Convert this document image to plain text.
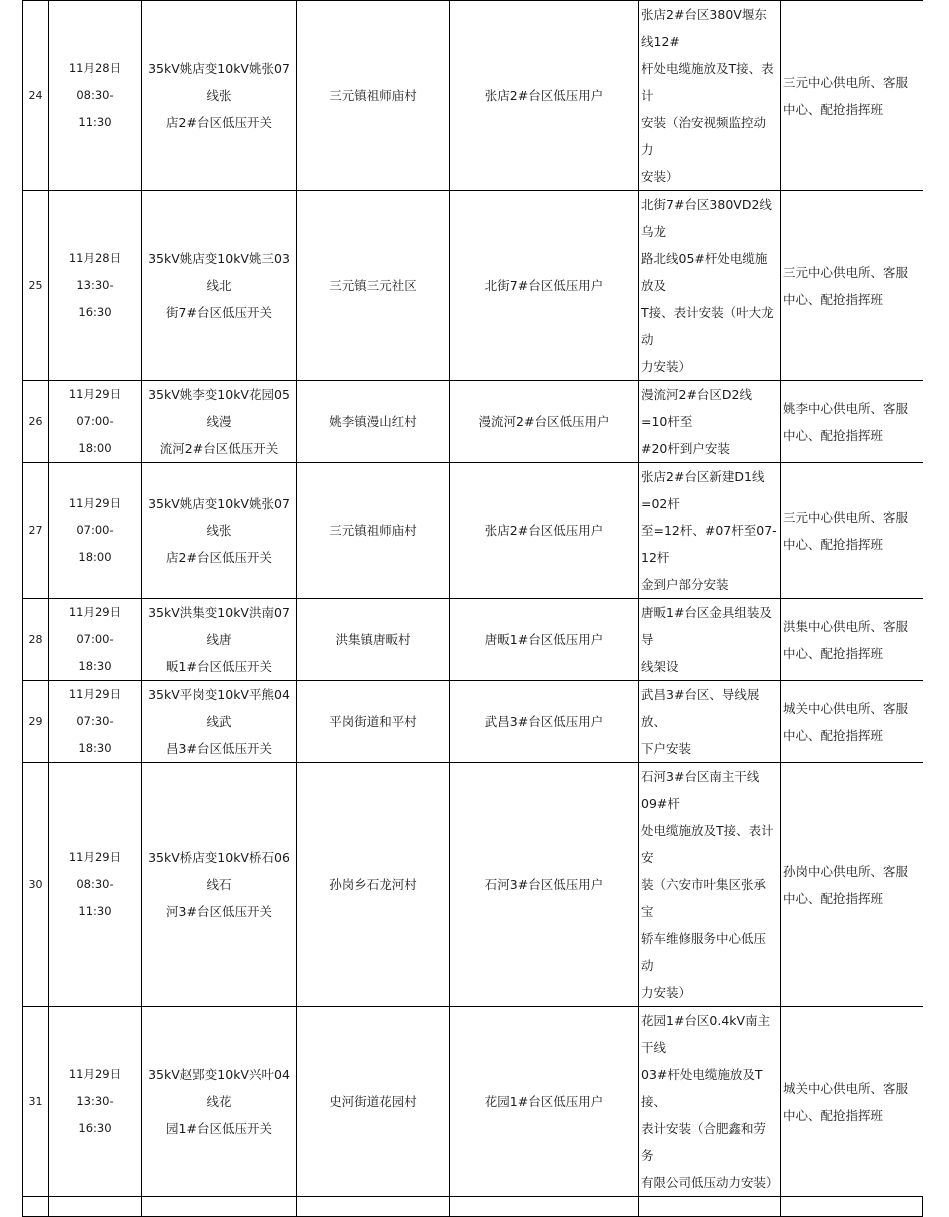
24	11月28日08:30-
11:30	35kV姚店变10kV姚张07线张
店2#台区低压开关	三元镇祖师庙村	张店2#台区低压用户	张店2#台区380V堰东线12#
杆处电缆施放及T接、表计
安装（治安视频监控动力
安装）	三元中心供电所、客服
中心、配抢指挥班

25	11月28日13:30-
16:30	35kV姚店变10kV姚三03线北
街7#台区低压开关	三元镇三元社区	北街7#台区低压用户	北街7#台区380VD2线乌龙
路北线05#杆处电缆施放及
T接、表计安装（叶大龙动
力安装）	三元中心供电所、客服
中心、配抢指挥班

26	11月29日07:00-
18:00	35kV姚李变10kV花园05线漫
流河2#台区低压开关	姚李镇漫山红村	漫流河2#台区低压用户	漫流河2#台区D2线=10杆至
#20杆到户安装	姚李中心供电所、客服
中心、配抢指挥班

27	11月29日07:00-
18:00	35kV姚店变10kV姚张07线张
店2#台区低压开关	三元镇祖师庙村	张店2#台区低压用户	张店2#台区新建D1线=02杆
至=12杆、#07杆至07-12杆
金到户部分安装	三元中心供电所、客服
中心、配抢指挥班

28	11月29日07:00-
18:30	35kV洪集变10kV洪南07线唐
畈1#台区低压开关	洪集镇唐畈村	唐畈1#台区低压用户	唐畈1#台区金具组装及导
线架设	洪集中心供电所、客服
中心、配抢指挥班

29	11月29日07:30-
18:30	35kV平岗变10kV平熊04线武
昌3#台区低压开关	平岗街道和平村	武昌3#台区低压用户	武昌3#台区、导线展放、
下户安装	城关中心供电所、客服
中心、配抢指挥班

30	11月29日08:30-
11:30	35kV桥店变10kV桥石06线石
河3#台区低压开关	孙岗乡石龙河村	石河3#台区低压用户	石河3#台区南主干线09#杆
处电缆施放及T接、表计安
装（六安市叶集区张承宝
轿车维修服务中心低压动
力安装）	孙岗中心供电所、客服
中心、配抢指挥班

31	11月29日13:30-
16:30	35kV赵郢变10kV兴叶04线花
园1#台区低压开关	史河街道花园村	花园1#台区低压用户	花园1#台区0.4kV南主干线
03#杆处电缆施放及T接、
表计安装（合肥鑫和劳务
有限公司低压动力安装）	城关中心供电所、客服
中心、配抢指挥班
